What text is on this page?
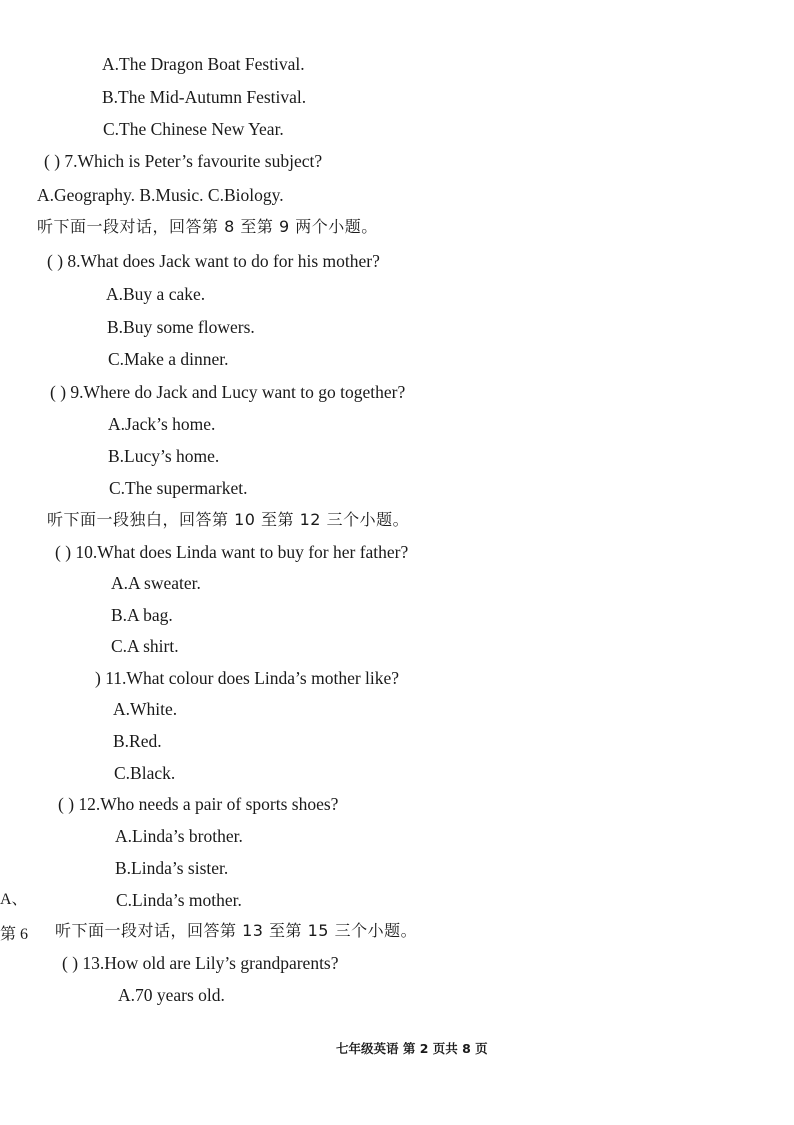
A.The Dragon Boat Festival.
B.The Mid-Autumn Festival.
C.The Chinese New Year.
( ) 7.Which is Peter’s favourite subject?
A.Geography. B.Music. C.Biology.
听下面一段对话，回答第 8 至第 9 两个小题。
( ) 8.What does Jack want to do for his mother?
A.Buy a cake.
B.Buy some flowers.
C.Make a dinner.
( ) 9.Where do Jack and Lucy want to go together?
A.Jack’s home.
B.Lucy’s home.
C.The supermarket.
听下面一段独白，回答第 10 至第 12 三个小题。
( ) 10.What does Linda want to buy for her father?
A.A sweater.
B.A bag.
C.A shirt.
) 11.What colour does Linda’s mother like?
A.White.
B.Red.
C.Black.
( ) 12.Who needs a pair of sports shoes?
A.Linda’s brother.
B.Linda’s sister.
C.Linda’s mother.
A、
第 6 听下面一段对话，回答第 13 至第 15 三个小题。
( ) 13.How old are Lily’s grandparents?
A.70 years old.
七年级英语 第 2 页共 8 页
